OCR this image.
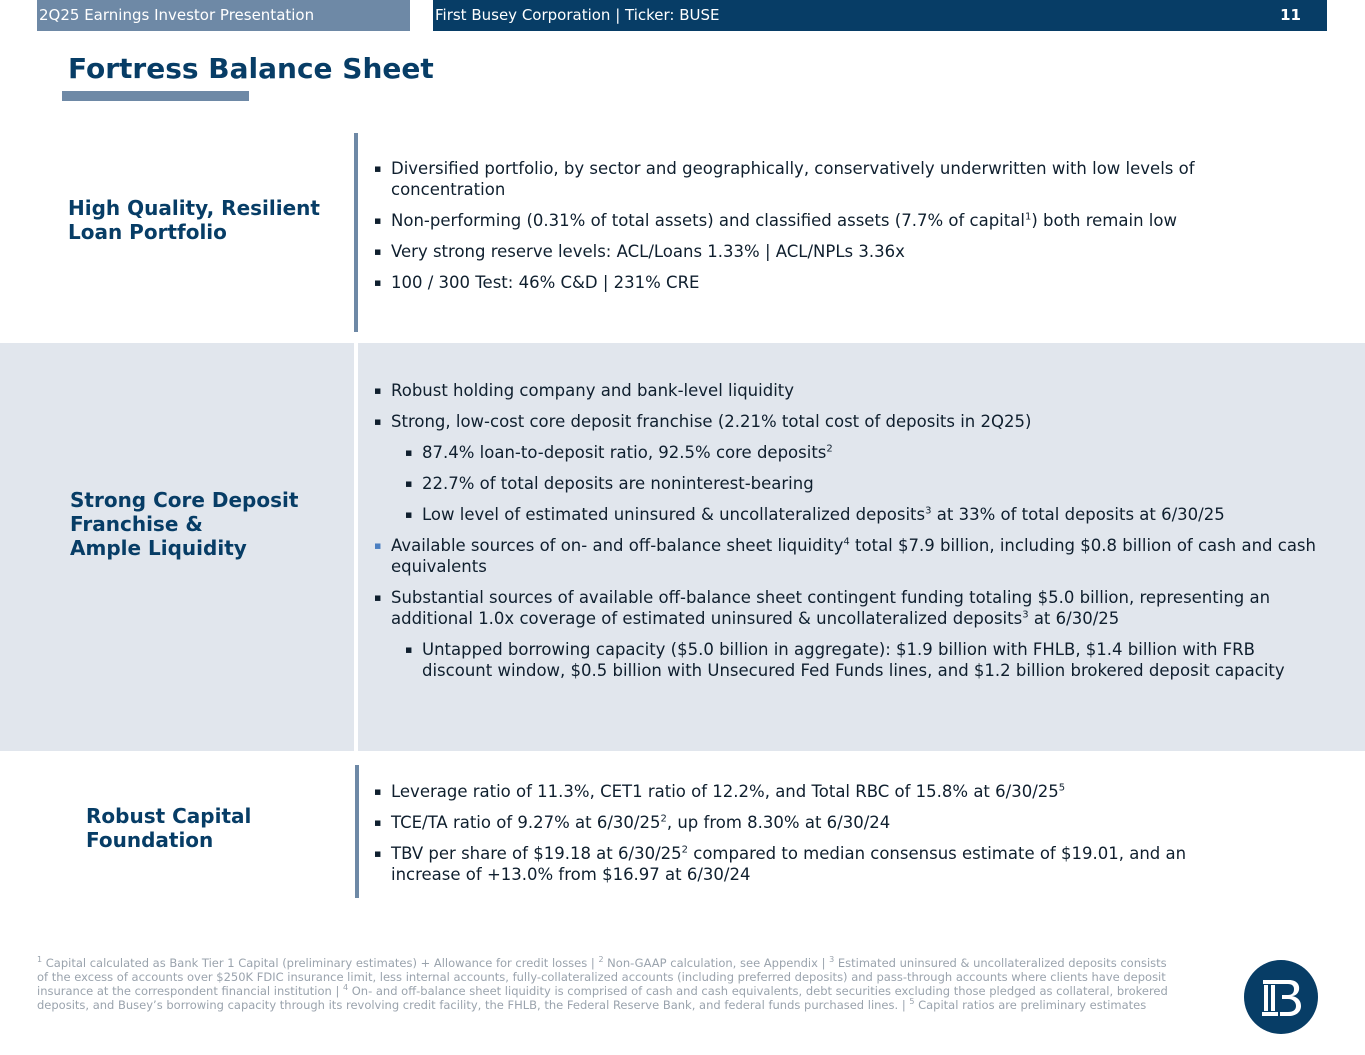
2Q25 Earnings Investor Presentation	First Busey Corporation | Ticker: BUSE	11
Fortress Balance Sheet
High Quality, Resilient
Loan Portfolio
▪ Diversified portfolio, by sector and geographically, conservatively underwritten with low levels of concentration
▪ Non-performing (0.31% of total assets) and classified assets (7.7% of capital$^1$) both remain low
▪ Very strong reserve levels: ACL/Loans 1.33% | ACL/NPLs 3.36x
▪ 100 / 300 Test: 46% C&D | 231% CRE
Strong Core Deposit
Franchise &
Ample Liquidity
▪ Robust holding company and bank-level liquidity
▪ Strong, low-cost core deposit franchise (2.21% total cost of deposits in 2Q25)
▪ 87.4% loan-to-deposit ratio, 92.5% core deposits$^2$
▪ 22.7% of total deposits are noninterest-bearing
▪ Low level of estimated uninsured & uncollateralized deposits$^3$ at 33% of total deposits at 6/30/25
▪ Available sources of on- and off-balance sheet liquidity$^4$ total $7.9 billion, including $0.8 billion of cash and cash equivalents
▪ Substantial sources of available off-balance sheet contingent funding totaling $5.0 billion, representing an additional 1.0x coverage of estimated uninsured & uncollateralized deposits$^3$ at 6/30/25
▪ Untapped borrowing capacity ($5.0 billion in aggregate): $1.9 billion with FHLB, $1.4 billion with FRB discount window, $0.5 billion with Unsecured Fed Funds lines, and $1.2 billion brokered deposit capacity
Robust Capital
Foundation
▪ Leverage ratio of 11.3%, CET1 ratio of 12.2%, and Total RBC of 15.8% at $6/30/25^5$
▪ TCE/TA ratio of 9.27% at $6/30/25^2$, up from 8.30% at 6/30/24
▪ TBV per share of $19.18 at $6/30/25^2$ compared to median consensus estimate of $19.01, and an increase of +13.0% from $16.97 at 6/30/24
$^1$ Capital calculated as Bank Tier 1 Capital (preliminary estimates) + Allowance for credit losses | $^2$ Non-GAAP calculation, see Appendix | $^3$ Estimated uninsured & uncollateralized deposits consists of the excess of accounts over $250K FDIC insurance limit, less internal accounts, fully-collateralized accounts (including preferred deposits) and pass-through accounts where clients have deposit insurance at the correspondent financial institution | $^4$ On- and off-balance sheet liquidity is comprised of cash and cash equivalents, debt securities excluding those pledged as collateral, brokered deposits, and Busey’s borrowing capacity through its revolving credit facility, the FHLB, the Federal Reserve Bank, and federal funds purchased lines. | $^5$ Capital ratios are preliminary estimates
